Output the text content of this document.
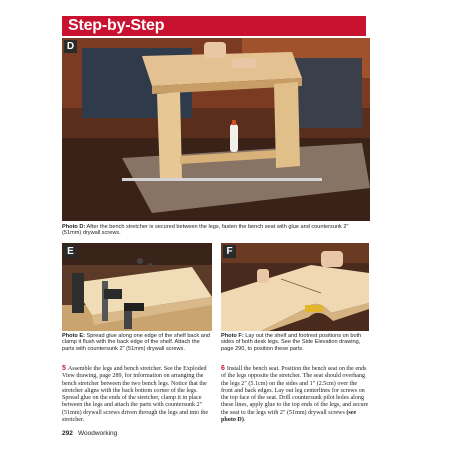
Step-by-Step
D
Photo D: After the bench stretcher is secured between the legs, fasten the bench seat with glue and countersunk 2" (51mm) drywall screws.
E
Photo E: Spread glue along one edge of the shelf back and clamp it flush with the back edge of the shelf. Attach the parts with countersunk 2" (51mm) drywall screws.
F
Photo F: Lay out the shelf and footrest positions on both sides of both desk legs. See the Side Elevation drawing, page 290, to position these parts.
5 Assemble the legs and bench stretcher. See the Exploded View drawing, page 289, for information on arranging the bench stretcher between the two bench legs. Notice that the stretcher aligns with the back bottom corner of the legs. Spread glue on the ends of the stretcher, clamp it in place between the legs and attach the parts with countersunk 2" (51mm) drywall screws driven through the legs and into the stretcher.
6 Install the bench seat. Position the bench seat on the ends of the legs opposite the stretcher. The seat should overhang the legs 2" (5.1cm) on the sides and 1" (2.5cm) over the front and back edges. Lay out leg centerlines for screws on the top face of the seat. Drill countersunk pilot holes along these lines, apply glue to the top ends of the legs, and secure the seat to the legs with 2" (51mm) drywall screws (see photo D).
292 Woodworking
